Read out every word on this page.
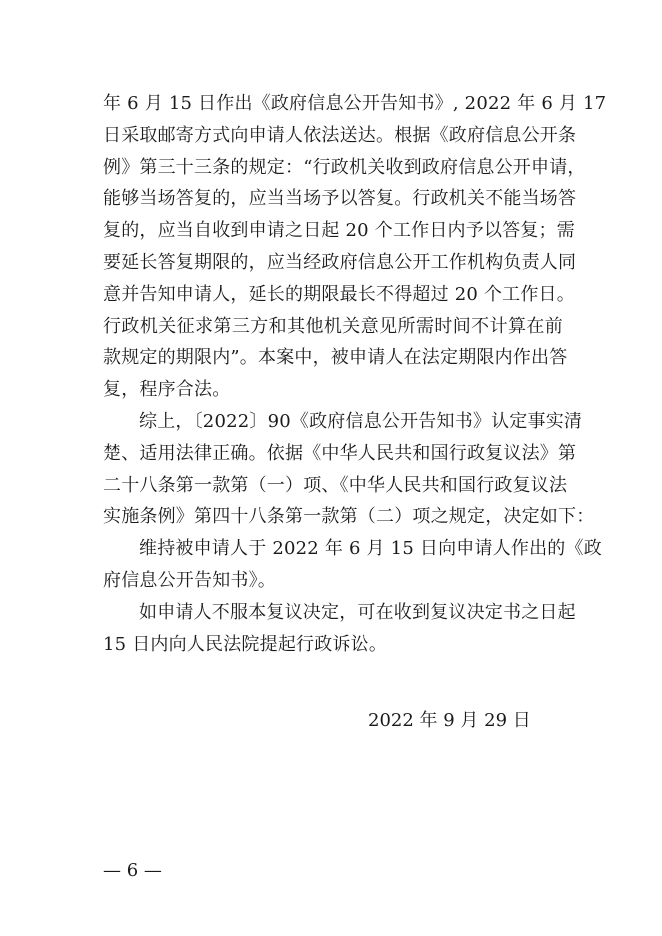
年 6 月 15 日作出《政府信息公开告知书》, 2022 年 6 月 17
日采取邮寄方式向申请人依法送达。根据《政府信息公开条
例》第三十三条的规定：“行政机关收到政府信息公开申请，
能够当场答复的，应当当场予以答复。行政机关不能当场答
复的，应当自收到申请之日起 20 个工作日内予以答复；需
要延长答复期限的，应当经政府信息公开工作机构负责人同
意并告知申请人，延长的期限最长不得超过 20 个工作日。
行政机关征求第三方和其他机关意见所需时间不计算在前
款规定的期限内”。本案中，被申请人在法定期限内作出答
复，程序合法。
综上，〔2022〕90《政府信息公开告知书》认定事实清
楚、适用法律正确。依据《中华人民共和国行政复议法》第
二十八条第一款第（一）项、《中华人民共和国行政复议法
实施条例》第四十八条第一款第（二）项之规定，决定如下：
维持被申请人于 2022 年 6 月 15 日向申请人作出的《政
府信息公开告知书》。
如申请人不服本复议决定，可在收到复议决定书之日起
15 日内向人民法院提起行政诉讼。
2022 年 9 月 29 日
— 6 —
